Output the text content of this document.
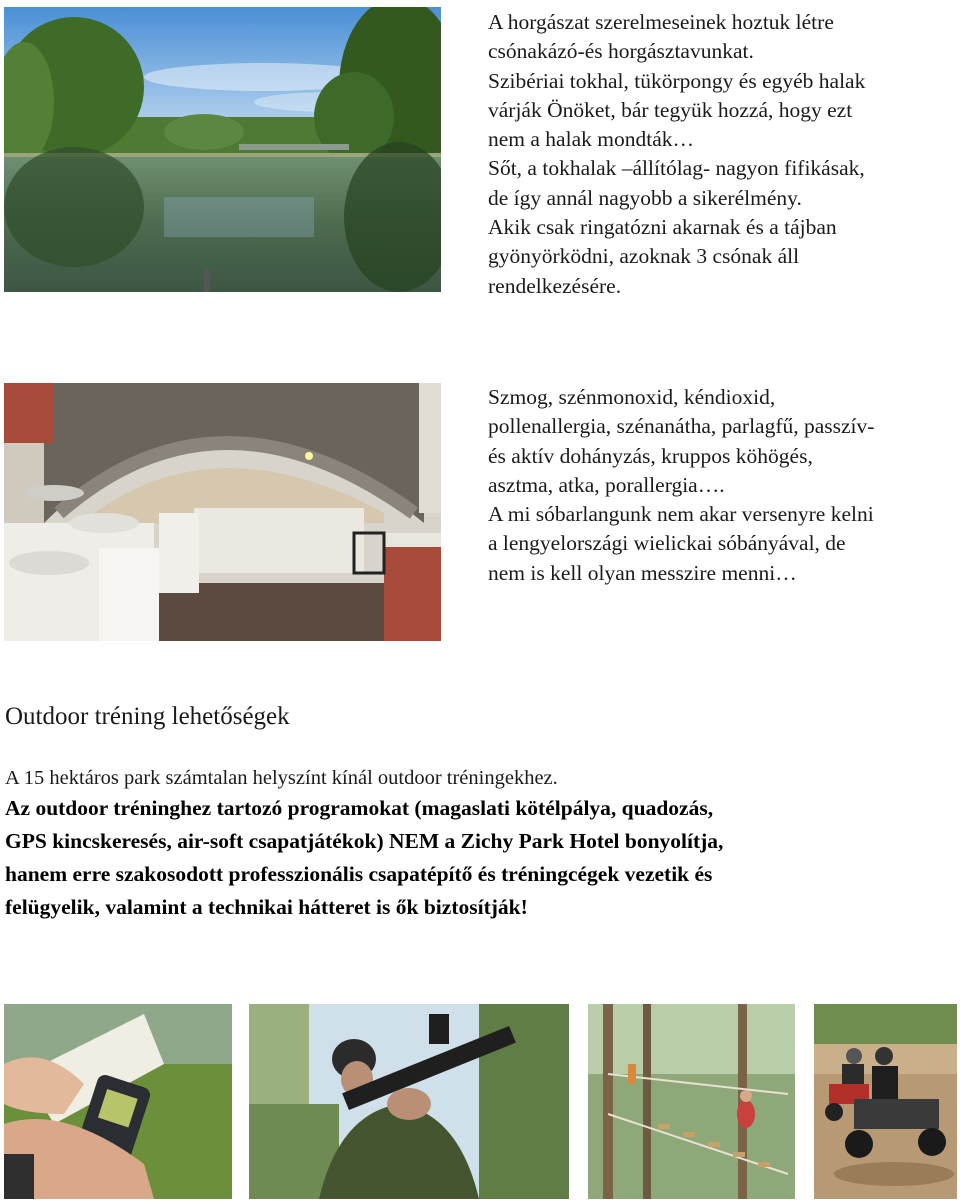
A horgászat szerelmeseinek hoztuk létre
csónakázó-és horgásztavunkat.
Szibériai tokhal, tükörpongy és egyéb halak
várják Önöket, bár tegyük hozzá, hogy ezt
nem a halak mondták…
Sőt, a tokhalak –állítólag- nagyon fifikásak,
de így annál nagyobb a sikerélmény.
Akik csak ringatózni akarnak és a tájban
gyönyörködni, azoknak 3 csónak áll
rendelkezésére.
Szmog, szénmonoxid, kéndioxid,
pollenallergia, szénanátha, parlagfű, passzív-
és aktív dohányzás, kruppos köhögés,
asztma, atka, porallergia….
A mi sóbarlangunk nem akar versenyre kelni
a lengyelországi wielickai sóbányával, de
nem is kell olyan messzire menni…
Outdoor tréning lehetőségek
A 15 hektáros park számtalan helyszínt kínál outdoor tréningekhez.
Az outdoor tréninghez tartozó programokat (magaslati kötélpálya, quadozás,
GPS kincskeresés, air-soft csapatjátékok) NEM a Zichy Park Hotel bonyolítja,
hanem erre szakosodott professzionális csapatépítő és tréningcégek vezetik és
felügyelik, valamint a technikai hátteret is ők biztosítják!
